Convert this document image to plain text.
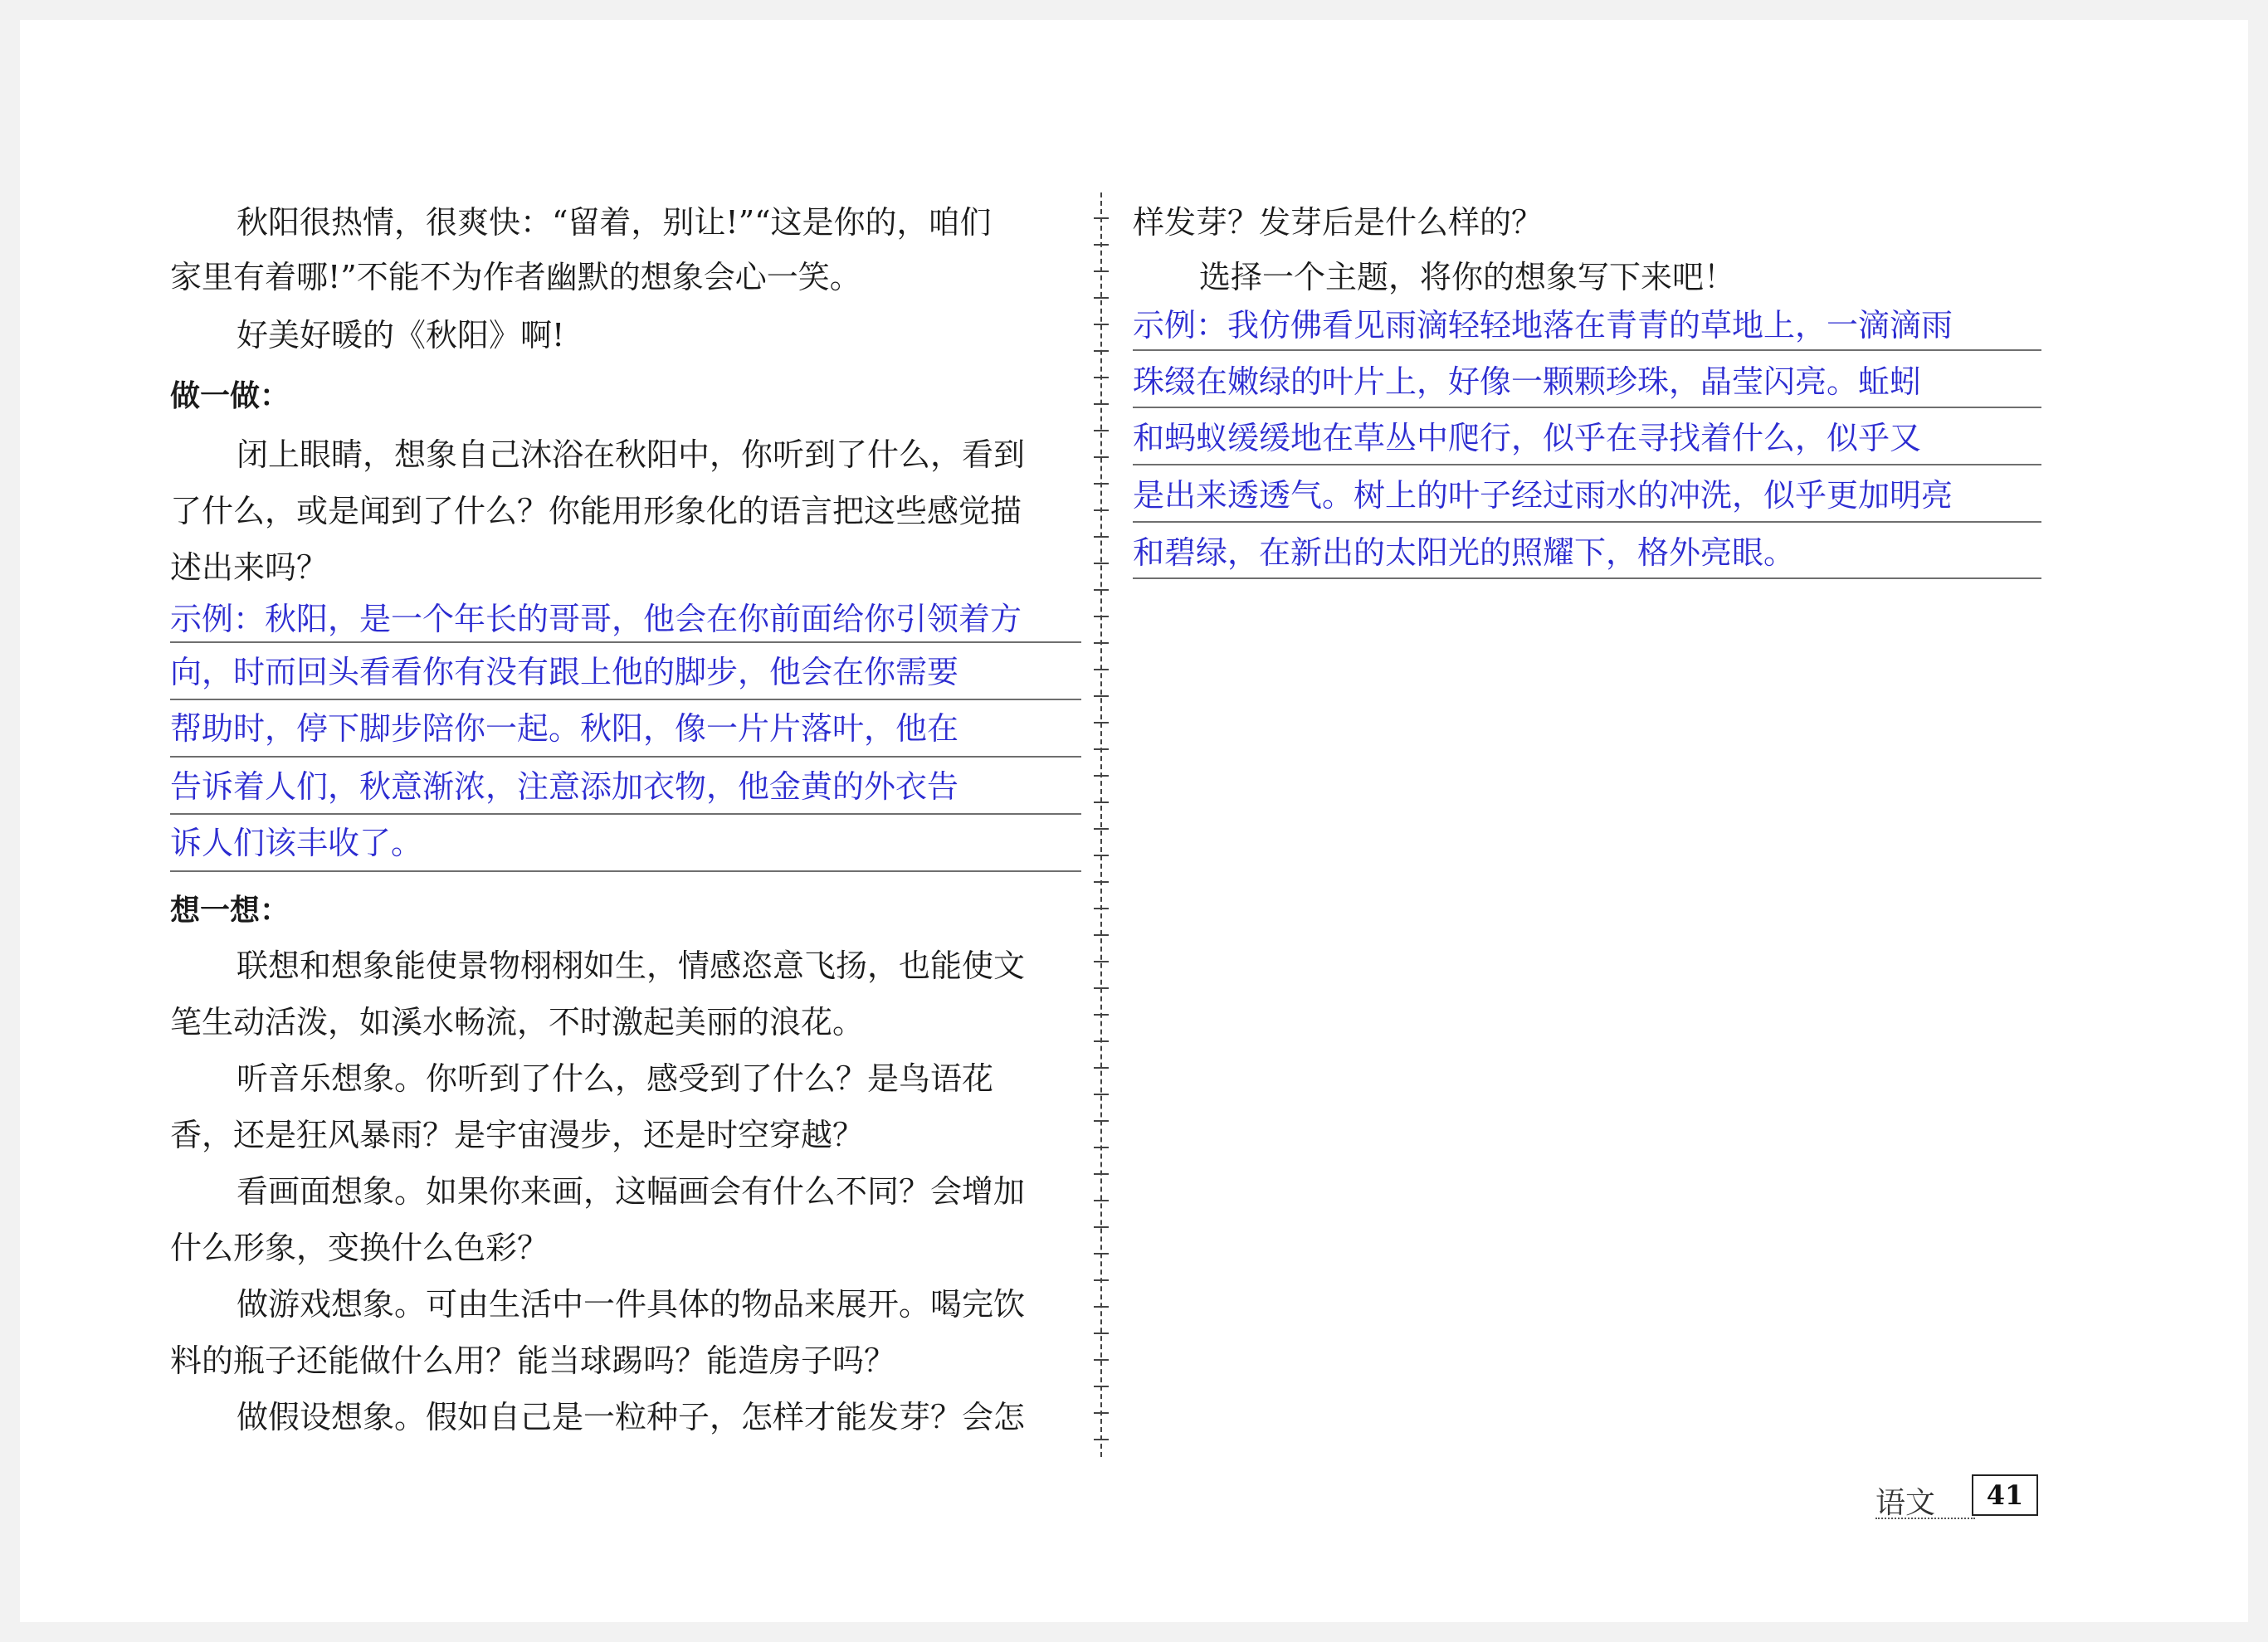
秋阳很热情，很爽快：“留着，别让!”“这是你的，咱们
家里有着哪!”不能不为作者幽默的想象会心一笑。
好美好暖的《秋阳》啊!
做一做：
闭上眼睛，想象自己沐浴在秋阳中，你听到了什么，看到
了什么，或是闻到了什么？你能用形象化的语言把这些感觉描
述出来吗？
示例：秋阳，是一个年长的哥哥，他会在你前面给你引领着方
向，时而回头看看你有没有跟上他的脚步，他会在你需要
帮助时，停下脚步陪你一起。秋阳，像一片片落叶，他在
告诉着人们，秋意渐浓，注意添加衣物，他金黄的外衣告
诉人们该丰收了。
想一想：
联想和想象能使景物栩栩如生，情感恣意飞扬，也能使文
笔生动活泼，如溪水畅流，不时激起美丽的浪花。
听音乐想象。你听到了什么，感受到了什么？是鸟语花
香，还是狂风暴雨？是宇宙漫步，还是时空穿越？
看画面想象。如果你来画，这幅画会有什么不同？会增加
什么形象，变换什么色彩？
做游戏想象。可由生活中一件具体的物品来展开。喝完饮
料的瓶子还能做什么用？能当球踢吗？能造房子吗？
做假设想象。假如自己是一粒种子，怎样才能发芽？会怎
样发芽？发芽后是什么样的？
选择一个主题，将你的想象写下来吧！
示例：我仿佛看见雨滴轻轻地落在青青的草地上，一滴滴雨
珠缀在嫩绿的叶片上，好像一颗颗珍珠，晶莹闪亮。蚯蚓
和蚂蚁缓缓地在草丛中爬行，似乎在寻找着什么，似乎又
是出来透透气。树上的叶子经过雨水的冲洗，似乎更加明亮
和碧绿，在新出的太阳光的照耀下，格外亮眼。
语文	41
